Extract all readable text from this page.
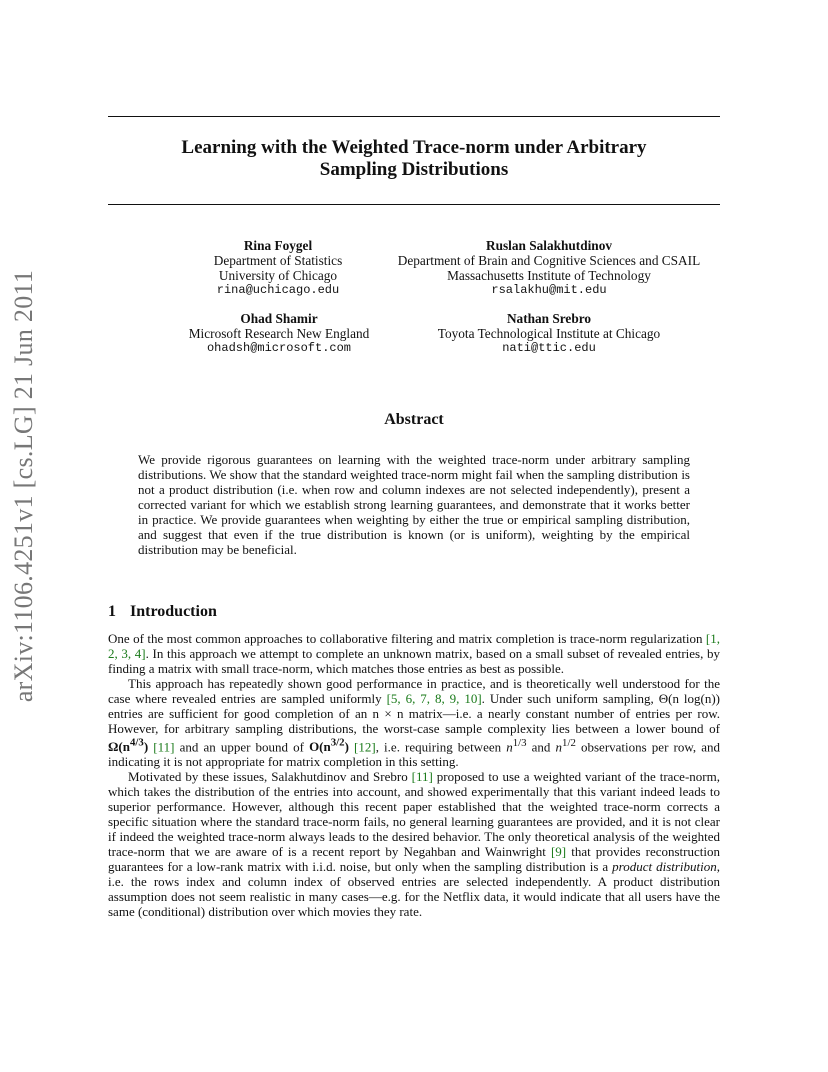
arXiv:1106.4251v1 [cs.LG] 21 Jun 2011
Learning with the Weighted Trace-norm under Arbitrary
Sampling Distributions
Rina Foygel
Department of Statistics
University of Chicago
rina@uchicago.edu
Ruslan Salakhutdinov
Department of Brain and Cognitive Sciences and CSAIL
Massachusetts Institute of Technology
rsalakhu@mit.edu
Ohad Shamir
Microsoft Research New England
ohadsh@microsoft.com
Nathan Srebro
Toyota Technological Institute at Chicago
nati@ttic.edu
Abstract

We provide rigorous guarantees on learning with the weighted trace-norm under arbitrary sampling distributions. We show that the standard weighted trace-norm might fail when the sampling distribution is not a product distribution (i.e. when row and column indexes are not selected independently), present a corrected variant for which we establish strong learning guarantees, and demonstrate that it works better in practice. We provide guarantees when weighting by either the true or empirical sampling distribution, and suggest that even if the true distribution is known (or is uniform), weighting by the empirical distribution may be beneficial.

1 Introduction

One of the most common approaches to collaborative filtering and matrix completion is trace-norm regularization [1, 2, 3, 4]. In this approach we attempt to complete an unknown matrix, based on a small subset of revealed entries, by finding a matrix with small trace-norm, which matches those entries as best as possible.

This approach has repeatedly shown good performance in practice, and is theoretically well understood for the case where revealed entries are sampled uniformly [5, 6, 7, 8, 9, 10]. Under such uniform sampling, Θ(n log(n)) entries are sufficient for good completion of an n × n matrix—i.e. a nearly constant number of entries per row. However, for arbitrary sampling distributions, the worst-case sample complexity lies between a lower bound of $\Omega(n^{4/3})$ [11] and an upper bound of $O(n^{3/2})$ [12], i.e. requiring between $n^{1/3}$ and $n^{1/2}$ observations per row, and indicating it is not appropriate for matrix completion in this setting.

Motivated by these issues, Salakhutdinov and Srebro [11] proposed to use a weighted variant of the trace-norm, which takes the distribution of the entries into account, and showed experimentally that this variant indeed leads to superior performance. However, although this recent paper established that the weighted trace-norm corrects a specific situation where the standard trace-norm fails, no general learning guarantees are provided, and it is not clear if indeed the weighted trace-norm always leads to the desired behavior. The only theoretical analysis of the weighted trace-norm that we are aware of is a recent report by Negahban and Wainwright [9] that provides reconstruction guarantees for a low-rank matrix with i.i.d. noise, but only when the sampling distribution is a product distribution, i.e. the rows index and column index of observed entries are selected independently. A product distribution assumption does not seem realistic in many cases—e.g. for the Netflix data, it would indicate that all users have the same (conditional) distribution over which movies they rate.
